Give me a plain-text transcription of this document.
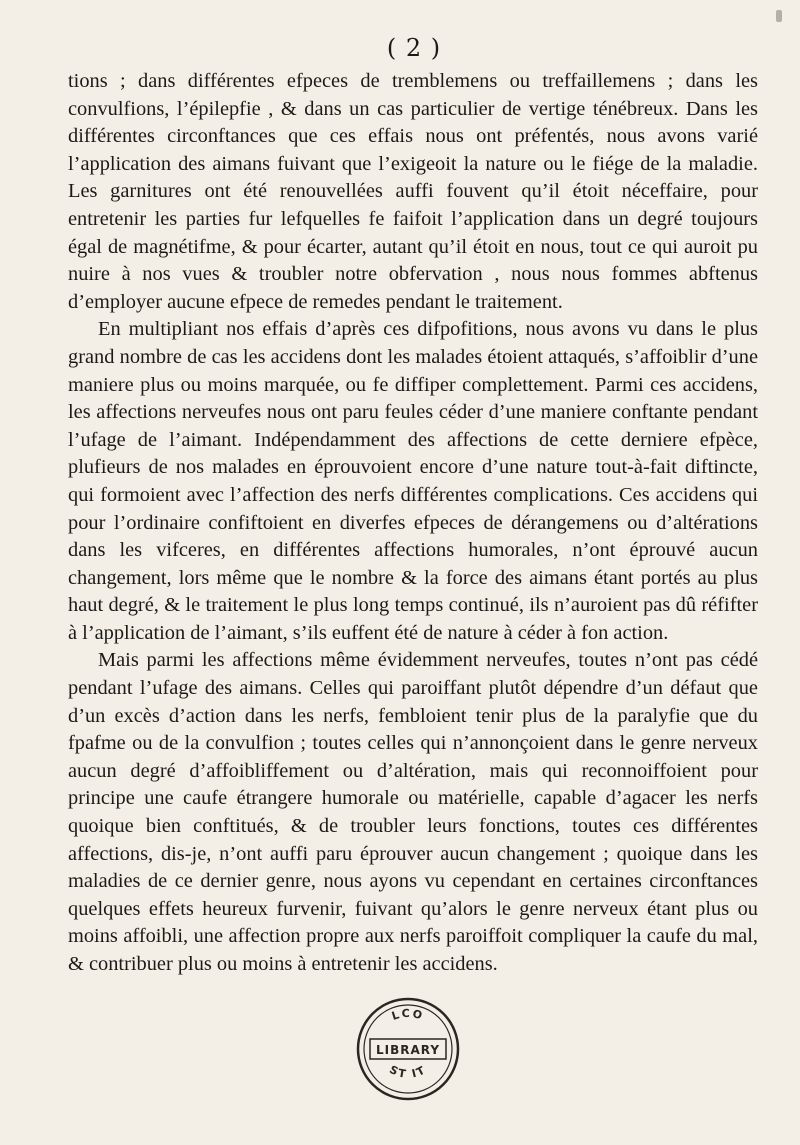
( 2 )

tions ; dans différentes efpeces de tremblemens ou treffaillemens ; dans les convulfions, l’épilepfie , & dans un cas particulier de vertige ténébreux. Dans les différentes circonftances que ces effais nous ont préfentés, nous avons varié l’application des aimans fuivant que l’exigeoit la nature ou le fiége de la maladie. Les garnitures ont été renouvellées auffi fouvent qu’il étoit néceffaire, pour entretenir les parties fur lefquelles fe faifoit l’application dans un degré toujours égal de magnétifme, & pour écarter, autant qu’il étoit en nous, tout ce qui auroit pu nuire à nos vues & troubler notre obfervation , nous nous fommes abftenus d’employer aucune efpece de remedes pendant le traitement.

En multipliant nos effais d’après ces difpofitions, nous avons vu dans le plus grand nombre de cas les accidens dont les malades étoient attaqués, s’affoiblir d’une maniere plus ou moins marquée, ou fe diffiper complettement. Parmi ces accidens, les affections nerveufes nous ont paru feules céder d’une maniere conftante pendant l’ufage de l’aimant. Indépendamment des affections de cette derniere efpèce, plufieurs de nos malades en éprouvoient encore d’une nature tout-à-fait diftincte, qui formoient avec l’affection des nerfs différentes complications. Ces accidens qui pour l’ordinaire confiftoient en diverfes efpeces de dérangemens ou d’altérations dans les vifceres, en différentes affections humorales, n’ont éprouvé aucun changement, lors même que le nombre & la force des aimans étant portés au plus haut degré, & le traitement le plus long temps continué, ils n’auroient pas dû réfifter à l’application de l’aimant, s’ils euffent été de nature à céder à fon action.

Mais parmi les affections même évidemment nerveufes, toutes n’ont pas cédé pendant l’ufage des aimans. Celles qui paroiffant plutôt dépendre d’un défaut que d’un excès d’action dans les nerfs, fembloient tenir plus de la paralyfie que du fpafme ou de la convulfion ; toutes celles qui n’annonçoient dans le genre nerveux aucun degré d’affoibliffement ou d’altération, mais qui reconnoiffoient pour principe une caufe étrangere humorale ou matérielle, capable d’agacer les nerfs quoique bien conftitués, & de troubler leurs fonctions, toutes ces différentes affections, dis-je, n’ont auffi paru éprouver aucun changement ; quoique dans les maladies de ce dernier genre, nous ayons vu cependant en certaines circonftances quelques effets heureux furvenir, fuivant qu’alors le genre nerveux étant plus ou moins affoibli, une affection propre aux nerfs paroiffoit compliquer la caufe du mal, & contribuer plus ou moins à entretenir les accidens.

LCO
LIBRARY
ST IT
